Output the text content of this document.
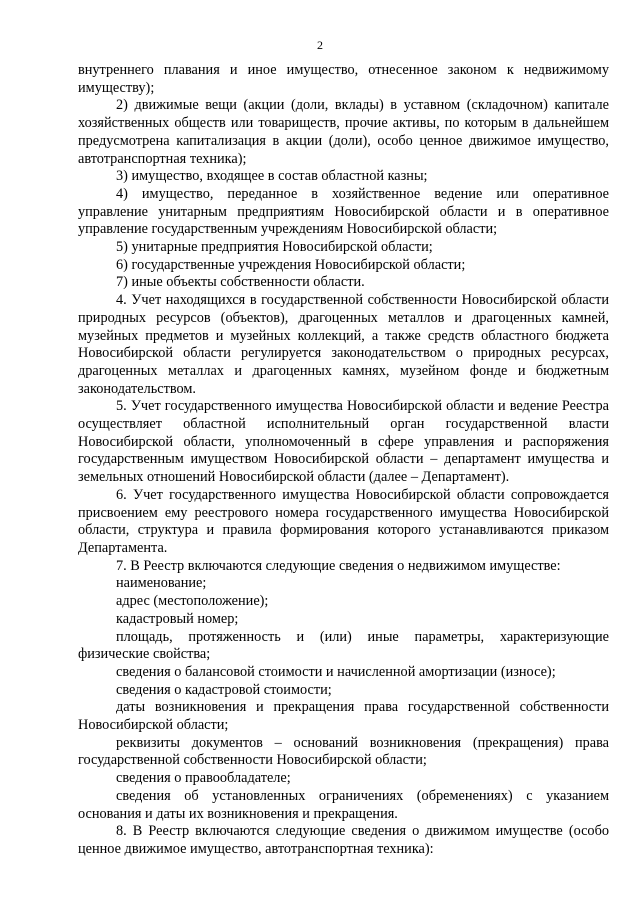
2

внутреннего плавания и иное имущество, отнесенное законом к недвижимому имуществу);

2) движимые вещи (акции (доли, вклады) в уставном (складочном) капитале хозяйственных обществ или товариществ, прочие активы, по которым в дальнейшем предусмотрена капитализация в акции (доли), особо ценное движимое имущество, автотранспортная техника);

3) имущество, входящее в состав областной казны;

4) имущество, переданное в хозяйственное ведение или оперативное управление унитарным предприятиям Новосибирской области и в оперативное управление государственным учреждениям Новосибирской области;

5) унитарные предприятия Новосибирской области;

6) государственные учреждения Новосибирской области;

7) иные объекты собственности области.

4. Учет находящихся в государственной собственности Новосибирской области природных ресурсов (объектов), драгоценных металлов и драгоценных камней, музейных предметов и музейных коллекций, а также средств областного бюджета Новосибирской области регулируется законодательством о природных ресурсах, драгоценных металлах и драгоценных камнях, музейном фонде и бюджетным законодательством.

5. Учет государственного имущества Новосибирской области и ведение Реестра осуществляет областной исполнительный орган государственной власти Новосибирской области, уполномоченный в сфере управления и распоряжения государственным имуществом Новосибирской области – департамент имущества и земельных отношений Новосибирской области (далее – Департамент).

6. Учет государственного имущества Новосибирской области сопровождается присвоением ему реестрового номера государственного имущества Новосибирской области, структура и правила формирования которого устанавливаются приказом Департамента.

7. В Реестр включаются следующие сведения о недвижимом имуществе:

наименование;

адрес (местоположение);

кадастровый номер;

площадь, протяженность и (или) иные параметры, характеризующие физические свойства;

сведения о балансовой стоимости и начисленной амортизации (износе);

сведения о кадастровой стоимости;

даты возникновения и прекращения права государственной собственности Новосибирской области;

реквизиты документов – оснований возникновения (прекращения) права государственной собственности Новосибирской области;

сведения о правообладателе;

сведения об установленных ограничениях (обременениях) с указанием основания и даты их возникновения и прекращения.

8. В Реестр включаются следующие сведения о движимом имуществе (особо ценное движимое имущество, автотранспортная техника):
